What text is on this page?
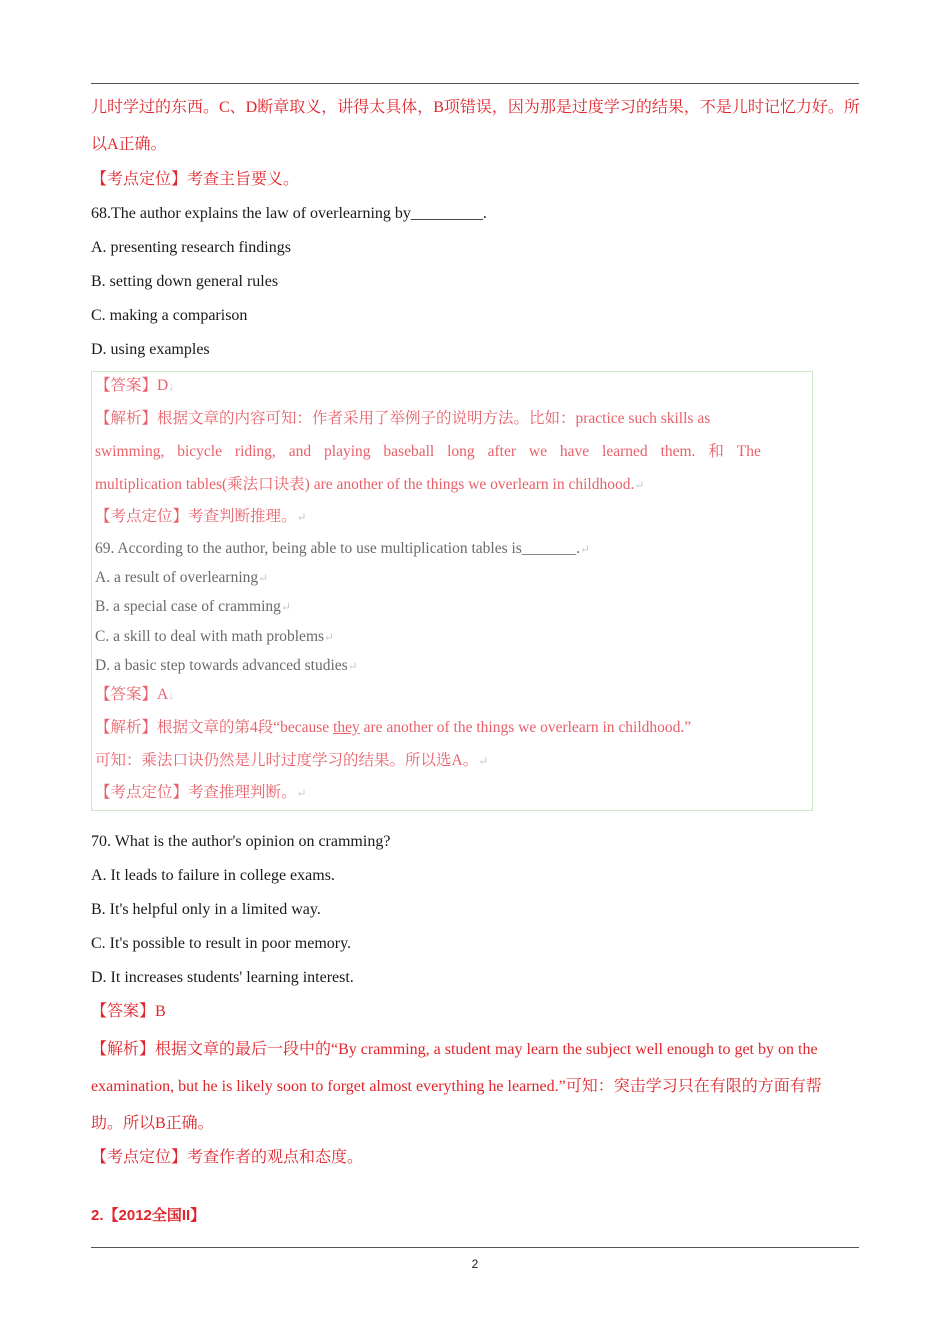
儿时学过的东西。C、D断章取义，讲得太具体，B项错误，因为那是过度学习的结果，不是儿时记忆力好。所
以A正确。
【考点定位】考查主旨要义。
68.The author explains the law of overlearning by_________.
A. presenting research findings
B. setting down general rules
C. making a comparison
D. using examples
【答案】D↓
【解析】根据文章的内容可知：作者采用了举例子的说明方法。比如：practice such skills as
swimming, bicycle riding, and playing baseball long after we have learned them. 和 The
multiplication tables(乘法口诀表) are another of the things we overlearn in childhood.↵
【考点定位】考查判断推理。↵
69. According to the author, being able to use multiplication tables is_______.↵
A. a result of overlearning↵
B. a special case of cramming↵
C. a skill to deal with math problems↵
D. a basic step towards advanced studies↵
【答案】A↓
【解析】根据文章的第4段“because they are another of the things we overlearn in childhood.”
可知：乘法口诀仍然是儿时过度学习的结果。所以选A。↵
【考点定位】考查推理判断。↵
70. What is the author's opinion on cramming?
A. It leads to failure in college exams.
B. It's helpful only in a limited way.
C. It's possible to result in poor memory.
D. It increases students' learning interest.
【答案】B
【解析】根据文章的最后一段中的“By cramming, a student may learn the subject well enough to get by on the
examination, but he is likely soon to forget almost everything he learned.”可知：突击学习只在有限的方面有帮
助。所以B正确。
【考点定位】考查作者的观点和态度。
2.【2012全国II】
2
